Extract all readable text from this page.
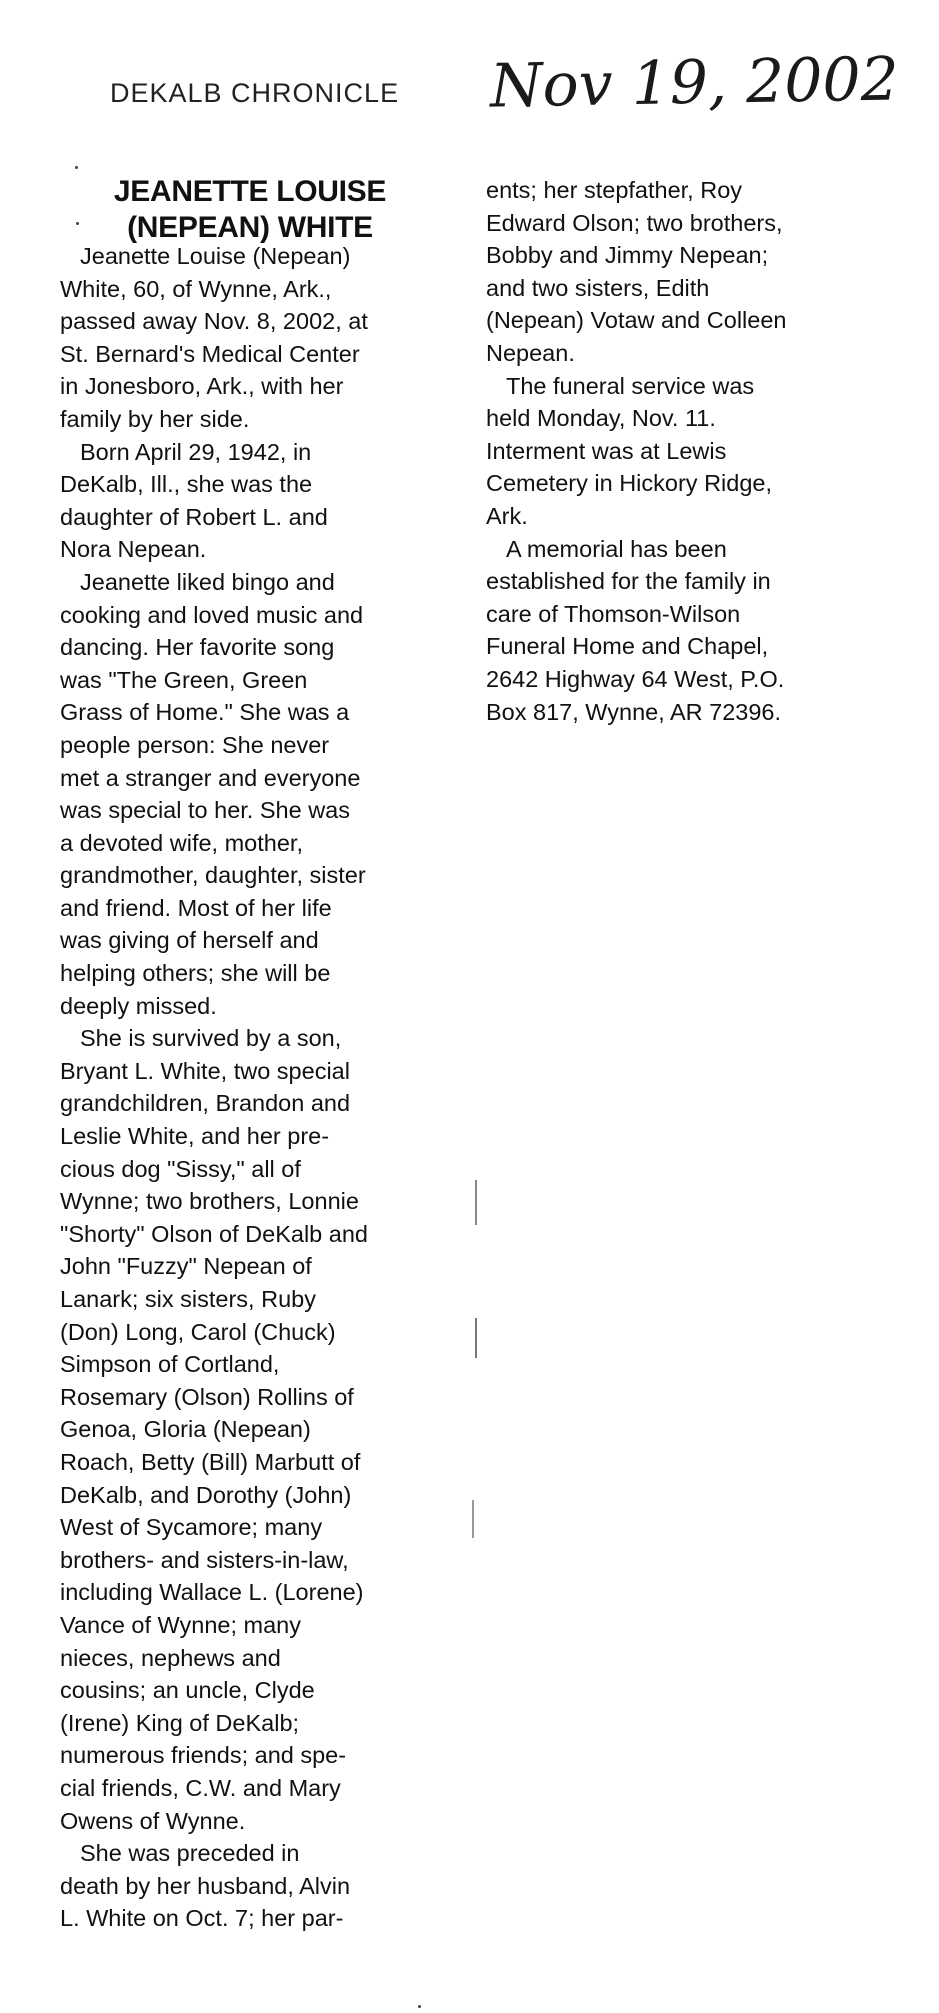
DEKALB CHRONICLE Nov 19, 2002
JEANETTE LOUISE
(NEPEAN) WHITE
Jeanette Louise (Nepean)
White, 60, of Wynne, Ark.,
passed away Nov. 8, 2002, at
St. Bernard's Medical Center
in Jonesboro, Ark., with her
family by her side.
Born April 29, 1942, in
DeKalb, Ill., she was the
daughter of Robert L. and
Nora Nepean.
Jeanette liked bingo and
cooking and loved music and
dancing. Her favorite song
was "The Green, Green
Grass of Home." She was a
people person: She never
met a stranger and everyone
was special to her. She was
a devoted wife, mother,
grandmother, daughter, sister
and friend. Most of her life
was giving of herself and
helping others; she will be
deeply missed.
She is survived by a son,
Bryant L. White, two special
grandchildren, Brandon and
Leslie White, and her pre-
cious dog "Sissy," all of
Wynne; two brothers, Lonnie
"Shorty" Olson of DeKalb and
John "Fuzzy" Nepean of
Lanark; six sisters, Ruby
(Don) Long, Carol (Chuck)
Simpson of Cortland,
Rosemary (Olson) Rollins of
Genoa, Gloria (Nepean)
Roach, Betty (Bill) Marbutt of
DeKalb, and Dorothy (John)
West of Sycamore; many
brothers- and sisters-in-law,
including Wallace L. (Lorene)
Vance of Wynne; many
nieces, nephews and
cousins; an uncle, Clyde
(Irene) King of DeKalb;
numerous friends; and spe-
cial friends, C.W. and Mary
Owens of Wynne.
She was preceded in
death by her husband, Alvin
L. White on Oct. 7; her par-
ents; her stepfather, Roy
Edward Olson; two brothers,
Bobby and Jimmy Nepean;
and two sisters, Edith
(Nepean) Votaw and Colleen
Nepean.
The funeral service was
held Monday, Nov. 11.
Interment was at Lewis
Cemetery in Hickory Ridge,
Ark.
A memorial has been
established for the family in
care of Thomson-Wilson
Funeral Home and Chapel,
2642 Highway 64 West, P.O.
Box 817, Wynne, AR 72396.
